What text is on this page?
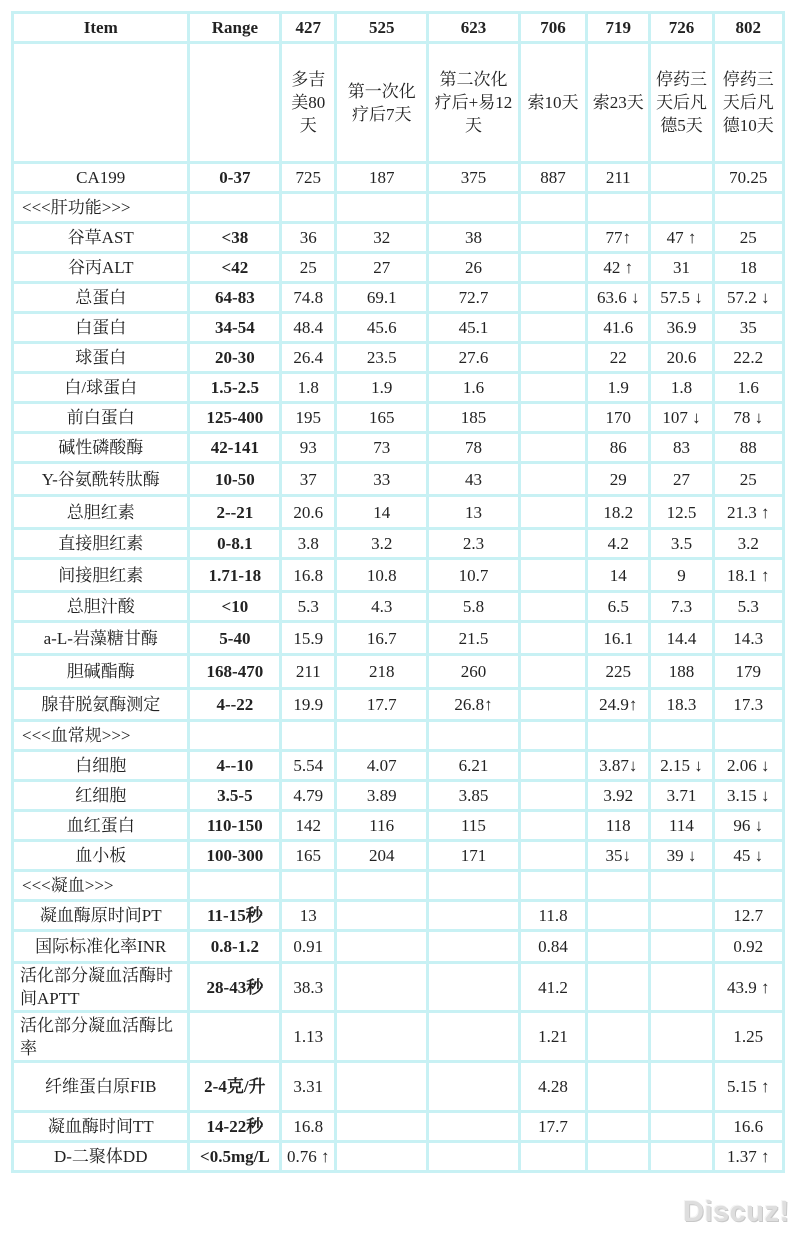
Item	Range	427	525	623	706	719	726	802
		多吉美80天	第一次化疗后7天	第二次化疗后+易12天	索10天	索23天	停药三天后凡德5天	停药三天后凡德10天
CA199	0-37	725	187	375	887	211		70.25
<<<肝功能>>>								
谷草AST	<38	36	32	38		77↑	47 ↑	25
谷丙ALT	<42	25	27	26		42 ↑	31	18
总蛋白	64-83	74.8	69.1	72.7		63.6 ↓	57.5 ↓	57.2 ↓
白蛋白	34-54	48.4	45.6	45.1		41.6	36.9	35
球蛋白	20-30	26.4	23.5	27.6		22	20.6	22.2
白/球蛋白	1.5-2.5	1.8	1.9	1.6		1.9	1.8	1.6
前白蛋白	125-400	195	165	185		170	107 ↓	78 ↓
碱性磷酸酶	42-141	93	73	78		86	83	88
Y-谷氨酰转肽酶	10-50	37	33	43		29	27	25
总胆红素	2--21	20.6	14	13		18.2	12.5	21.3 ↑
直接胆红素	0-8.1	3.8	3.2	2.3		4.2	3.5	3.2
间接胆红素	1.71-18	16.8	10.8	10.7		14	9	18.1 ↑
总胆汁酸	<10	5.3	4.3	5.8		6.5	7.3	5.3
a-L-岩藻糖甘酶	5-40	15.9	16.7	21.5		16.1	14.4	14.3
胆碱酯酶	168-470	211	218	260		225	188	179
腺苷脱氨酶测定	4--22	19.9	17.7	26.8↑		24.9↑	18.3	17.3
<<<血常规>>>								
白细胞	4--10	5.54	4.07	6.21		3.87↓	2.15 ↓	2.06 ↓
红细胞	3.5-5	4.79	3.89	3.85		3.92	3.71	3.15 ↓
血红蛋白	110-150	142	116	115		118	114	96 ↓
血小板	100-300	165	204	171		35↓	39 ↓	45 ↓
<<<凝血>>>								
凝血酶原时间PT	11-15秒	13			11.8			12.7
国际标准化率INR	0.8-1.2	0.91			0.84			0.92
活化部分凝血活酶时间APTT	28-43秒	38.3			41.2			43.9 ↑
活化部分凝血活酶比率		1.13			1.21			1.25
纤维蛋白原FIB	2-4克/升	3.31			4.28			5.15 ↑
凝血酶时间TT	14-22秒	16.8			17.7			16.6
D-二聚体DD	<0.5mg/L	0.76 ↑						1.37 ↑
Discuz!
